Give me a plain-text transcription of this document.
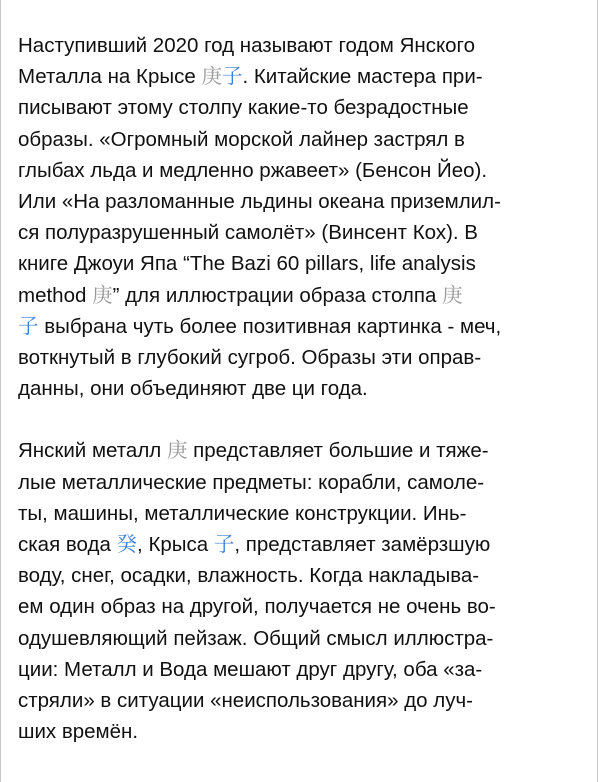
Наступивший 2020 год называют годом Янского
Металла на Крысе 庚子. Китайские мастера при-
писывают этому столпу какие-то безрадостные
образы. «Огромный морской лайнер застрял в
глыбах льда и медленно ржавеет» (Бенсон Йео).
Или «На разломанные льдины океана приземлил-
ся полуразрушенный самолёт» (Винсент Кох). В
книге Джоуи Япа “The Bazi 60 pillars, life analysis
method 庚” для иллюстрации образа столпа 庚
子 выбрана чуть более позитивная картинка - меч,
воткнутый в глубокий сугроб. Образы эти оправ-
данны, они объединяют две ци года.

Янский металл 庚 представляет большие и тяже-
лые металлические предметы: корабли, самоле-
ты, машины, металлические конструкции. Инь-
ская вода 癸, Крыса 子, представляет замёрзшую
воду, снег, осадки, влажность. Когда накладыва-
ем один образ на другой, получается не очень во-
одушевляющий пейзаж. Общий смысл иллюстра-
ции: Металл и Вода мешают друг другу, оба «за-
стряли» в ситуации «неиспользования» до луч-
ших времён.
